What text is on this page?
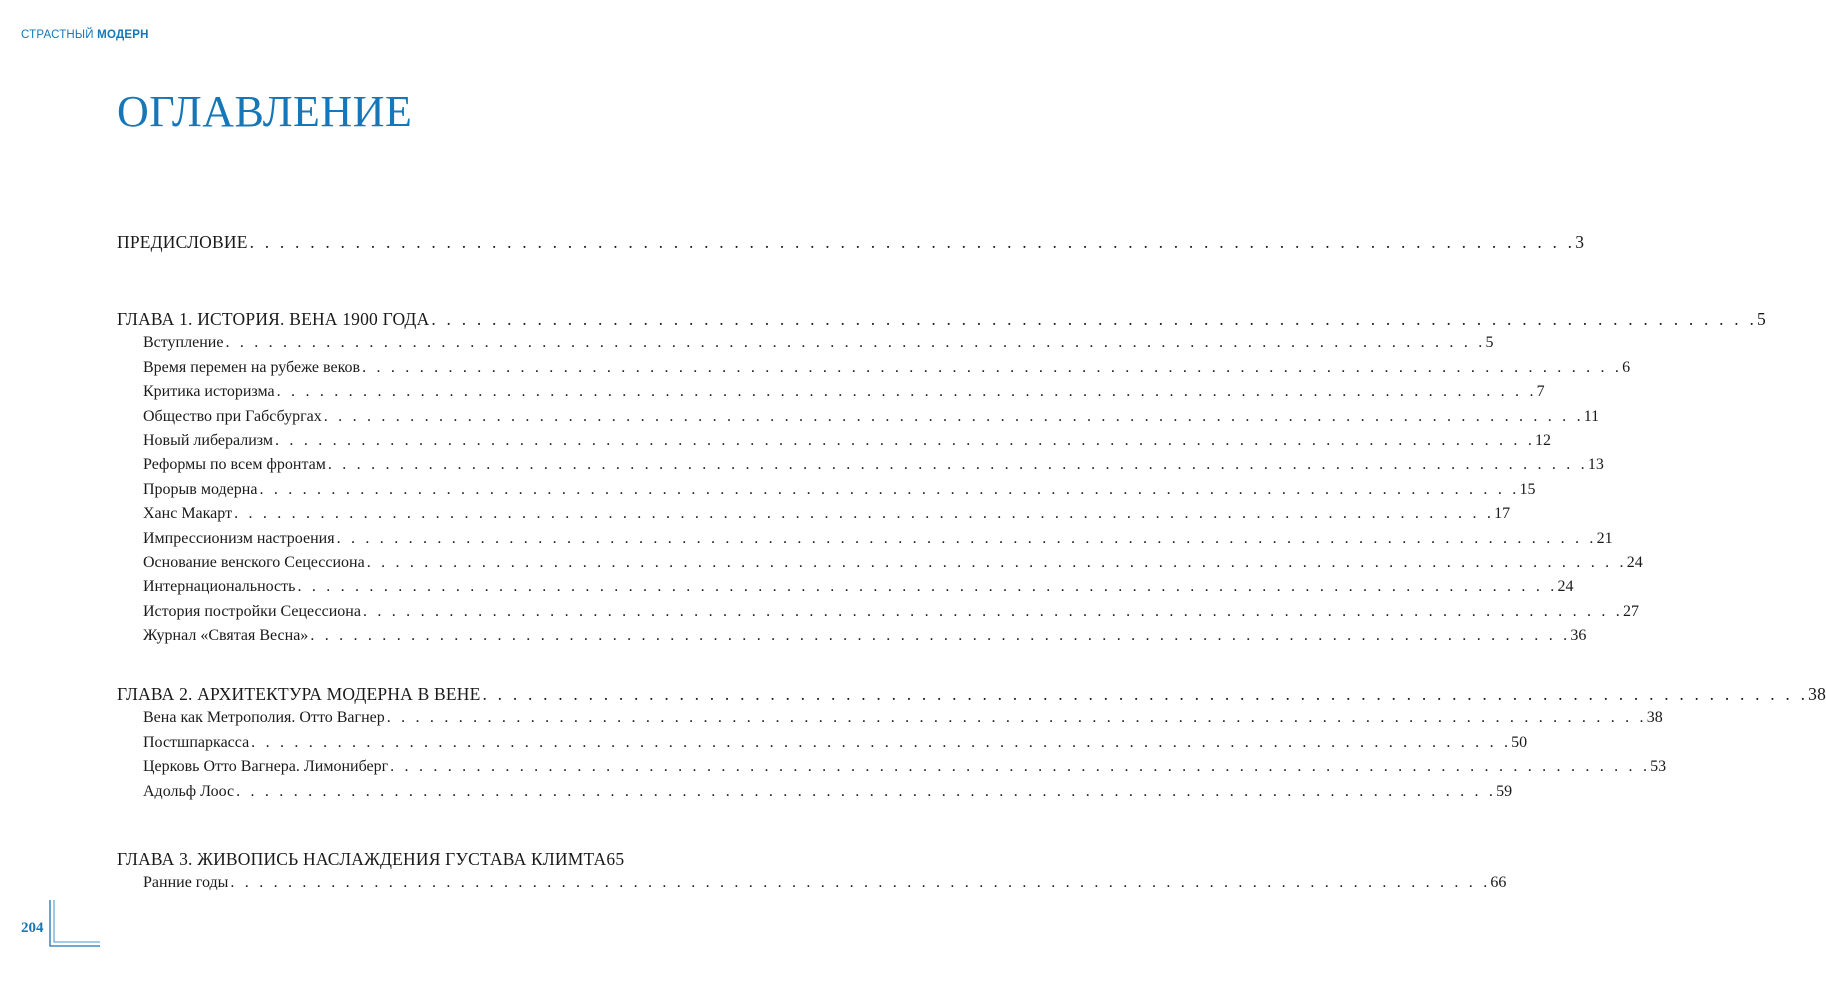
СТРАСТНЫЙ МОДЕРН
ОГЛАВЛЕНИЕ
ПРЕДИСЛОВИЕ . . . . . . . . . . . . . . . . . . . . . . . . . . . . . . . . . . . . . . . . . . . . . . . . . . . . . . . . . . . . . . . . . . . . . . . . . . . . . . . . . . . . . . . . 3
ГЛАВА 1. ИСТОРИЯ. ВЕНА 1900 ГОДА . . . . . . . . . . . . . . . . . . . . . . . . . . . . . . . . . . . . . . . . . . . . . . . . . . . . . . . . . . . . . . . . . . . . . . . . . . . . . . . . . . . . . . . . 5
Вступление . . . . . . . . . . . . . . . . . . . . . . . . . . . . . . . . . . . . . . . . . . . . . . . . . . . . . . . . . . . . . . . . . . . . . . . . . . . . . . . . . . . . . . . . 5
Время перемен на рубеже веков . . . . . . . . . . . . . . . . . . . . . . . . . . . . . . . . . . . . . . . . . . . . . . . . . . . . . . . . . . . . . . . . . . . . . . . . . . . . . . . . . . . . . . . . 6
Критика историзма . . . . . . . . . . . . . . . . . . . . . . . . . . . . . . . . . . . . . . . . . . . . . . . . . . . . . . . . . . . . . . . . . . . . . . . . . . . . . . . . . . . . . . . . 7
Общество при Габсбургах . . . . . . . . . . . . . . . . . . . . . . . . . . . . . . . . . . . . . . . . . . . . . . . . . . . . . . . . . . . . . . . . . . . . . . . . . . . . . . . . . . . . . . . . 11
Новый либерализм . . . . . . . . . . . . . . . . . . . . . . . . . . . . . . . . . . . . . . . . . . . . . . . . . . . . . . . . . . . . . . . . . . . . . . . . . . . . . . . . . . . . . . . . 12
Реформы по всем фронтам . . . . . . . . . . . . . . . . . . . . . . . . . . . . . . . . . . . . . . . . . . . . . . . . . . . . . . . . . . . . . . . . . . . . . . . . . . . . . . . . . . . . . . . . 13
Прорыв модерна . . . . . . . . . . . . . . . . . . . . . . . . . . . . . . . . . . . . . . . . . . . . . . . . . . . . . . . . . . . . . . . . . . . . . . . . . . . . . . . . . . . . . . . . 15
Ханс Макарт . . . . . . . . . . . . . . . . . . . . . . . . . . . . . . . . . . . . . . . . . . . . . . . . . . . . . . . . . . . . . . . . . . . . . . . . . . . . . . . . . . . . . . . . 17
Импрессионизм настроения . . . . . . . . . . . . . . . . . . . . . . . . . . . . . . . . . . . . . . . . . . . . . . . . . . . . . . . . . . . . . . . . . . . . . . . . . . . . . . . . . . . . . . . . 21
Основание венского Сецессиона . . . . . . . . . . . . . . . . . . . . . . . . . . . . . . . . . . . . . . . . . . . . . . . . . . . . . . . . . . . . . . . . . . . . . . . . . . . . . . . . . . . . . . . . 24
Интернациональность . . . . . . . . . . . . . . . . . . . . . . . . . . . . . . . . . . . . . . . . . . . . . . . . . . . . . . . . . . . . . . . . . . . . . . . . . . . . . . . . . . . . . . . . 24
История постройки Сецессиона . . . . . . . . . . . . . . . . . . . . . . . . . . . . . . . . . . . . . . . . . . . . . . . . . . . . . . . . . . . . . . . . . . . . . . . . . . . . . . . . . . . . . . . . 27
Журнал «Святая Весна» . . . . . . . . . . . . . . . . . . . . . . . . . . . . . . . . . . . . . . . . . . . . . . . . . . . . . . . . . . . . . . . . . . . . . . . . . . . . . . . . . . . . . . . . 36
ГЛАВА 2. АРХИТЕКТУРА МОДЕРНА В ВЕНЕ . . . . . . . . . . . . . . . . . . . . . . . . . . . . . . . . . . . . . . . . . . . . . . . . . . . . . . . . . . . . . . . . . . . . . . . . . . . . . . . . . . . . . . . . 38
Вена как Метрополия. Отто Вагнер . . . . . . . . . . . . . . . . . . . . . . . . . . . . . . . . . . . . . . . . . . . . . . . . . . . . . . . . . . . . . . . . . . . . . . . . . . . . . . . . . . . . . . . . 38
Постшпаркасса . . . . . . . . . . . . . . . . . . . . . . . . . . . . . . . . . . . . . . . . . . . . . . . . . . . . . . . . . . . . . . . . . . . . . . . . . . . . . . . . . . . . . . . . 50
Церковь Отто Вагнера. Лимониберг . . . . . . . . . . . . . . . . . . . . . . . . . . . . . . . . . . . . . . . . . . . . . . . . . . . . . . . . . . . . . . . . . . . . . . . . . . . . . . . . . . . . . . . . 53
Адольф Лоос . . . . . . . . . . . . . . . . . . . . . . . . . . . . . . . . . . . . . . . . . . . . . . . . . . . . . . . . . . . . . . . . . . . . . . . . . . . . . . . . . . . . . . . . 59
ГЛАВА 3. ЖИВОПИСЬ НАСЛАЖДЕНИЯ ГУСТАВА КЛИМТА 65
Ранние годы . . . . . . . . . . . . . . . . . . . . . . . . . . . . . . . . . . . . . . . . . . . . . . . . . . . . . . . . . . . . . . . . . . . . . . . . . . . . . . . . . . . . . . . . 66
204
